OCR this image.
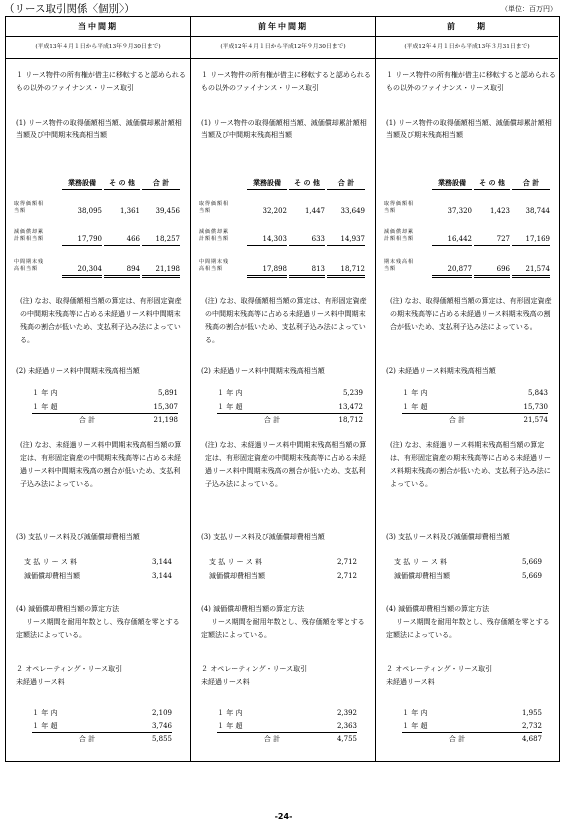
（リース取引関係〈個別〉）	（単位：百万円）
当中間期
(平成13年４月１日から平成13年９月30日まで)
１ リース物件の所有権が借主に移転すると認められるもの以外のファイナンス・リース取引
(1) リース物件の取得価額相当額、減価償却累計額相当額及び中間期末残高相当額
業務設備	そ の 他	合 計
取得価額相当額	38,095	1,361	39,456
減価償却累計額相当額	17,790	466	18,257
中間期末残高相当額	20,304	894	21,198
(注) なお、取得価額相当額の算定は、有形固定資産の中間期末残高等に占める未経過リース料中間期末残高の割合が低いため、支払利子込み法によっている。
(2) 未経過リース料中間期末残高相当額
１ 年 内	5,891
１ 年 超	15,307
合 計	21,198
(注) なお、未経過リース料中間期末残高相当額の算定は、有形固定資産の中間期末残高等に占める未経過リース料中間期末残高の割合が低いため、支払利子込み法によっている。
(3) 支払リース料及び減価償却費相当額
支 払 リ ー ス 料	3,144
減価償却費相当額	3,144
(4) 減価償却費相当額の算定方法
リース期間を耐用年数とし、残存価額を零とする定額法によっている。
２ オペレーティング・リース取引
未経過リース料
１ 年 内	2,109
１ 年 超	3,746
合 計	5,855
前年中間期
(平成12年４月１日から平成12年９月30日まで)
１ リース物件の所有権が借主に移転すると認められるもの以外のファイナンス・リース取引
(1) リース物件の取得価額相当額、減価償却累計額相当額及び中間期末残高相当額
業務設備	そ の 他	合 計
取得価額相当額	32,202	1,447	33,649
減価償却累計額相当額	14,303	633	14,937
中間期末残高相当額	17,898	813	18,712
(注) なお、取得価額相当額の算定は、有形固定資産の中間期末残高等に占める未経過リース料中間期末残高の割合が低いため、支払利子込み法によっている。
(2) 未経過リース料中間期末残高相当額
１ 年 内	5,239
１ 年 超	13,472
合 計	18,712
(注) なお、未経過リース料中間期末残高相当額の算定は、有形固定資産の中間期末残高等に占める未経過リース料中間期末残高の割合が低いため、支払利子込み法によっている。
(3) 支払リース料及び減価償却費相当額
支 払 リ ー ス 料	2,712
減価償却費相当額	2,712
(4) 減価償却費相当額の算定方法
リース期間を耐用年数とし、残存価額を零とする定額法によっている。
２ オペレーティング・リース取引
未経過リース料
１ 年 内	2,392
１ 年 超	2,363
合 計	4,755
前　　期
(平成12年４月１日から平成13年３月31日まで)
１ リース物件の所有権が借主に移転すると認められるもの以外のファイナンス・リース取引
(1) リース物件の取得価額相当額、減価償却累計額相当額及び期末残高相当額
業務設備	そ の 他	合 計
取得価額相当額	37,320	1,423	38,744
減価償却累計額相当額	16,442	727	17,169
期末残高相当額	20,877	696	21,574
(注) なお、取得価額相当額の算定は、有形固定資産の期末残高等に占める未経過リース料期末残高の割合が低いため、支払利子込み法によっている。
(2) 未経過リース料期末残高相当額
１ 年 内	5,843
１ 年 超	15,730
合 計	21,574
(注) なお、未経過リース料期末残高相当額の算定は、有形固定資産の期末残高等に占める未経過リース料期末残高の割合が低いため、支払利子込み法によっている。
(3) 支払リース料及び減価償却費相当額
支 払 リ ー ス 料	5,669
減価償却費相当額	5,669
(4) 減価償却費相当額の算定方法
リース期間を耐用年数とし、残存価額を零とする定額法によっている。
２ オペレーティング・リース取引
未経過リース料
１ 年 内	1,955
１ 年 超	2,732
合 計	4,687
-24-
